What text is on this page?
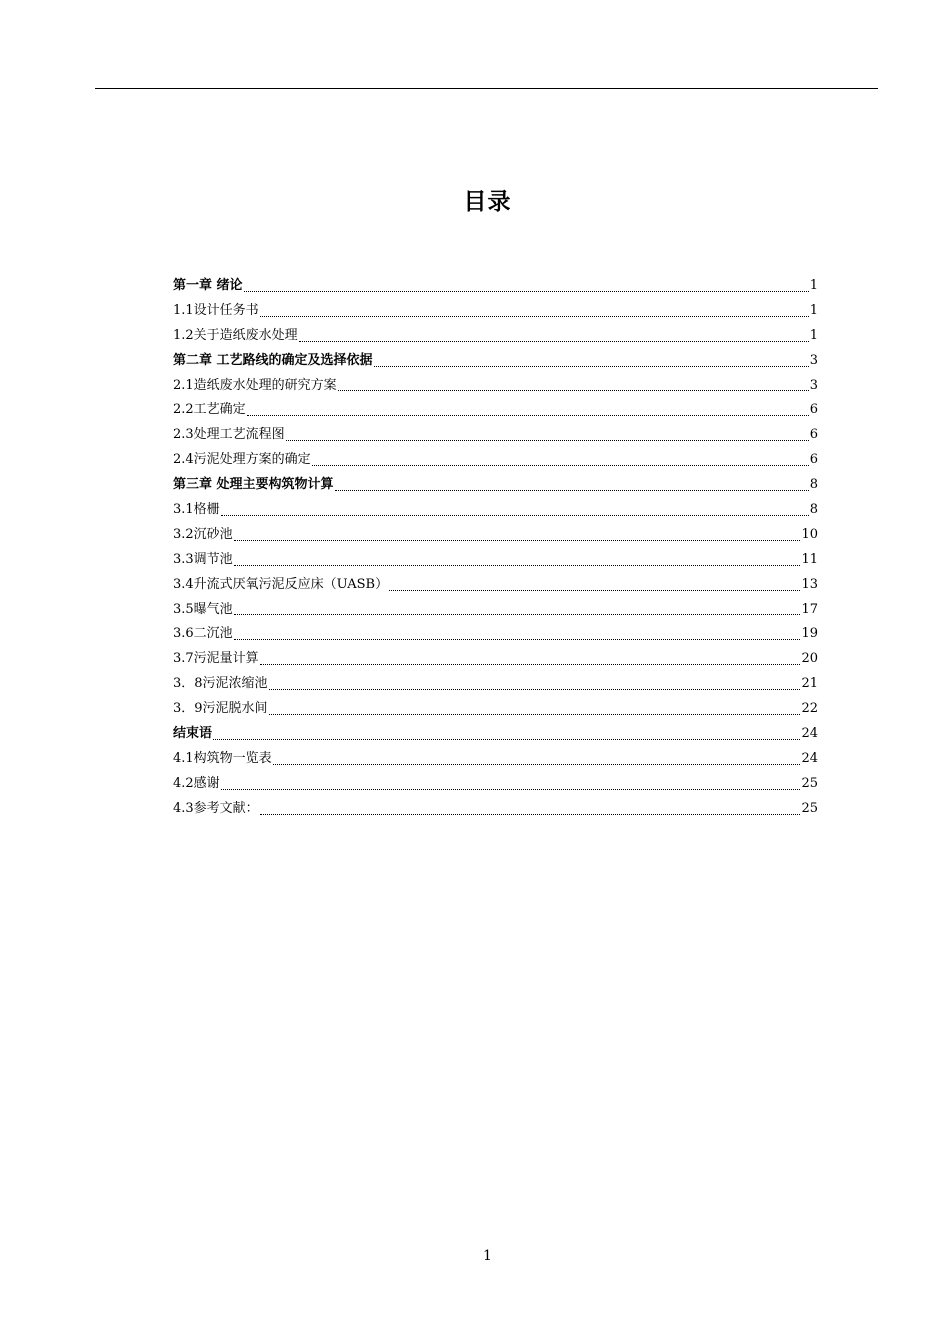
目录
第一章 绪论	1
1.1设计任务书	1
1.2关于造纸废水处理	1
第二章 工艺路线的确定及选择依据	3
2.1造纸废水处理的研究方案	3
2.2工艺确定	6
2.3处理工艺流程图	6
2.4污泥处理方案的确定	6
第三章 处理主要构筑物计算	8
3.1格栅	8
3.2沉砂池	10
3.3调节池	11
3.4升流式厌氧污泥反应床（UASB）	13
3.5曝气池	17
3.6二沉池	19
3.7污泥量计算	20
3．8污泥浓缩池	21
3．9污泥脱水间	22
结束语	24
4.1构筑物一览表	24
4.2感谢	25
4.3参考文献：	25
1
